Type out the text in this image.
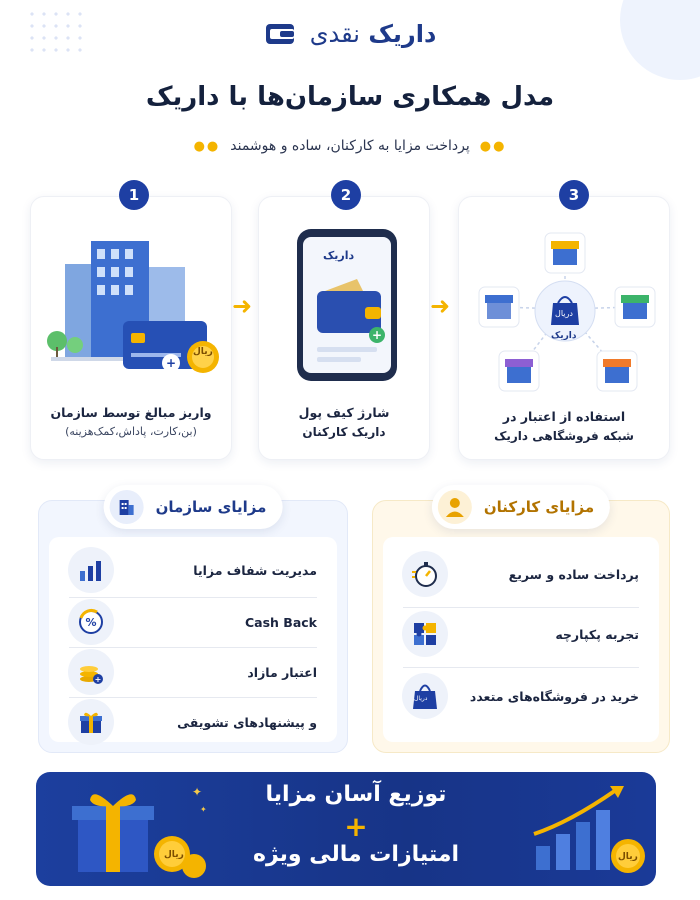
داریک نقدی
مدل همکاری سازمان‌ها با داریک
●●
پرداخت مزایا به کارکنان، ساده و هوشمند
●●
+
ریال
واریز مبالغ توسط سازمان
(بن،کارت، پاداش،کمک‌هزینه)
1
➜
+
داریک
شارژ کیف پول
داریک کارکنان
2
➜	دریال
داریک
استفاده از اعتبار در
شبکه فروشگاهی داریک
3
مزایای سازمان
مدیریت شفاف مزایا
Cash Back
%
اعتبار مازاد
+
و پیشنهادهای تشویقی
مزایای کارکنان
پرداخت ساده و سریع
تجربه پکپارچه
خرید در فروشگاه‌های متعدد
دریال
✦
✦
ریال
توزیع آسان مزایا
+
امتیازات مالی ویژه	ریال
